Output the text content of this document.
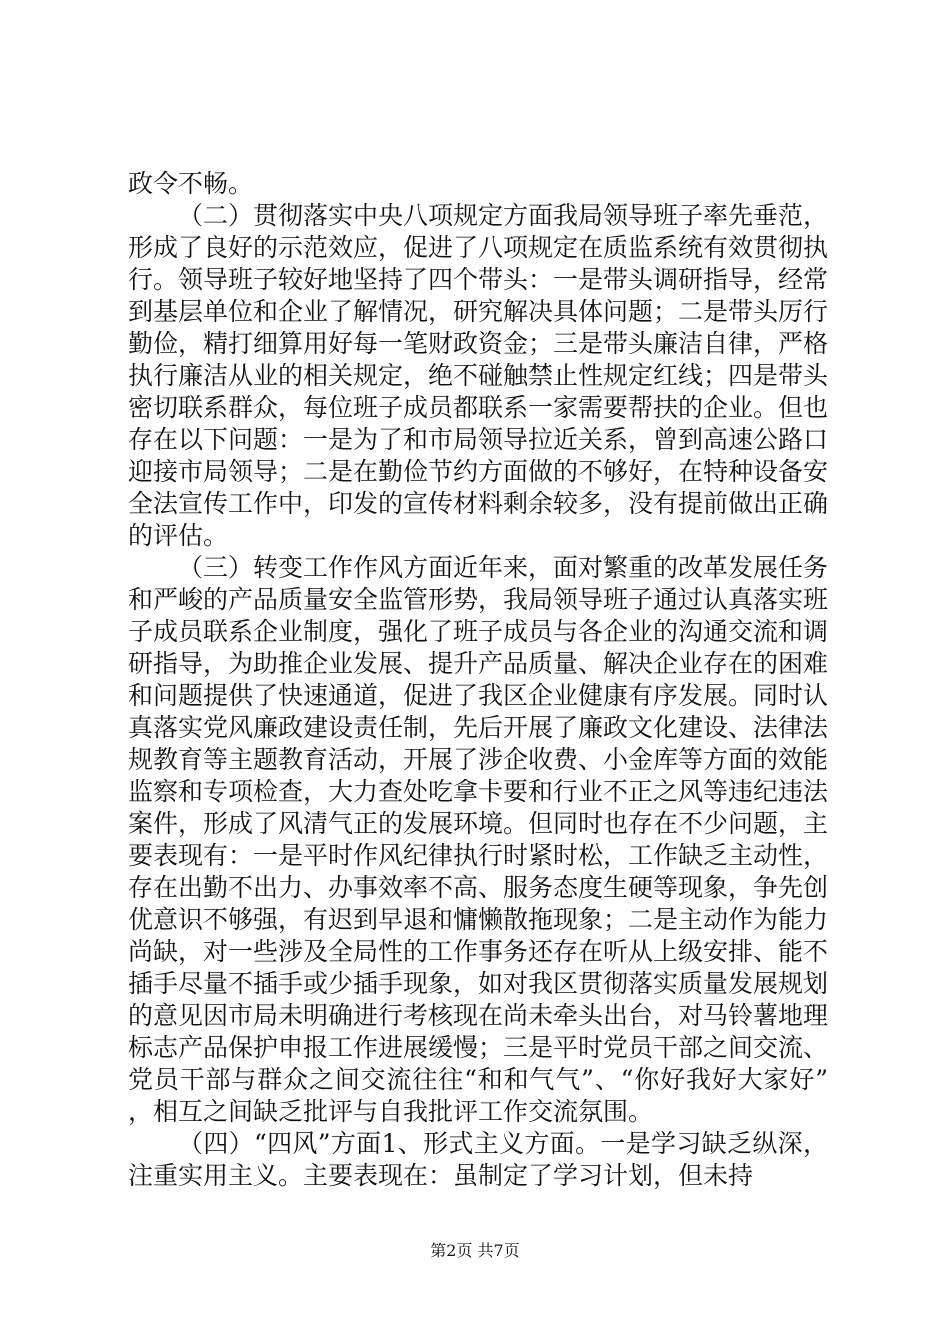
政令不畅。

（二）贯彻落实中央八项规定方面我局领导班子率先垂范，形成了良好的示范效应，促进了八项规定在质监系统有效贯彻执行。领导班子较好地坚持了四个带头：一是带头调研指导，经常到基层单位和企业了解情况，研究解决具体问题；二是带头厉行勤俭，精打细算用好每一笔财政资金；三是带头廉洁自律，严格执行廉洁从业的相关规定，绝不碰触禁止性规定红线；四是带头密切联系群众，每位班子成员都联系一家需要帮扶的企业。但也存在以下问题：一是为了和市局领导拉近关系，曾到高速公路口迎接市局领导；二是在勤俭节约方面做的不够好，在特种设备安全法宣传工作中，印发的宣传材料剩余较多，没有提前做出正确的评估。

（三）转变工作作风方面近年来，面对繁重的改革发展任务和严峻的产品质量安全监管形势，我局领导班子通过认真落实班子成员联系企业制度，强化了班子成员与各企业的沟通交流和调研指导，为助推企业发展、提升产品质量、解决企业存在的困难和问题提供了快速通道，促进了我区企业健康有序发展。同时认真落实党风廉政建设责任制，先后开展了廉政文化建设、法律法规教育等主题教育活动，开展了涉企收费、小金库等方面的效能监察和专项检查，大力查处吃拿卡要和行业不正之风等违纪违法案件，形成了风清气正的发展环境。但同时也存在不少问题，主要表现有：一是平时作风纪律执行时紧时松，工作缺乏主动性，存在出勤不出力、办事效率不高、服务态度生硬等现象，争先创优意识不够强，有迟到早退和慵懒散拖现象；二是主动作为能力尚缺，对一些涉及全局性的工作事务还存在听从上级安排、能不插手尽量不插手或少插手现象，如对我区贯彻落实质量发展规划的意见因市局未明确进行考核现在尚未牵头出台，对马铃薯地理标志产品保护申报工作进展缓慢；三是平时党员干部之间交流、党员干部与群众之间交流往往“和和气气”、“你好我好大家好”，相互之间缺乏批评与自我批评工作交流氛围。

（四）“四风”方面1、形式主义方面。一是学习缺乏纵深，注重实用主义。主要表现在：虽制定了学习计划，但未持

第2页 共7页
